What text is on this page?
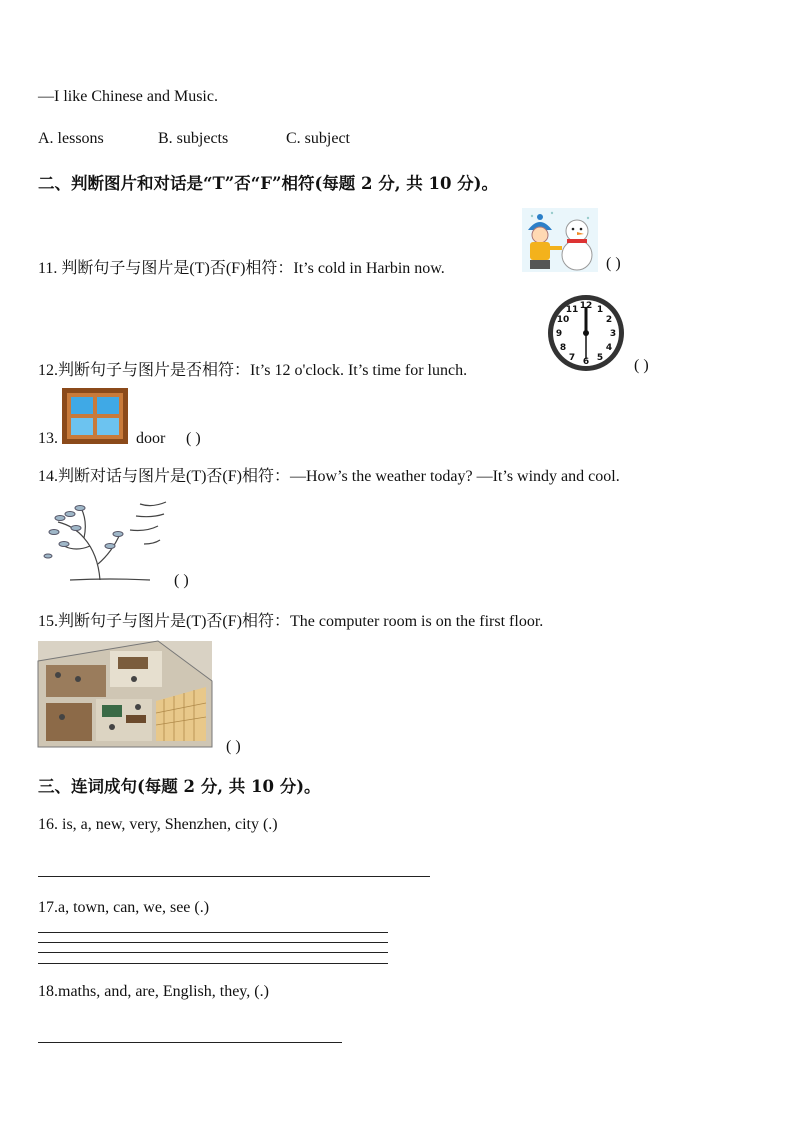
—I like Chinese and Music.
A. lessons	B. subjects	C. subject
二、判断图片和对话是“T”否“F”相符(每题 2 分, 共 10 分)。
11. 判断句子与图片是(T)否(F)相符：It’s cold in Harbin now.	( )
12 1
2
3
4
5
6
7
8
9
10
11
12.判断句子与图片是否相符：It’s 12 o'clock. It’s time for lunch.	( )
13.	door ( )
14.判断对话与图片是(T)否(F)相符：—How’s the weather today? —It’s windy and cool.
( )
15.判断句子与图片是(T)否(F)相符：The computer room is on the first floor.
( )
三、连词成句(每题 2 分, 共 10 分)。
16. is, a, new, very, Shenzhen, city (.)
17.a, town, can, we, see (.)
18.maths, and, are, English, they, (.)
